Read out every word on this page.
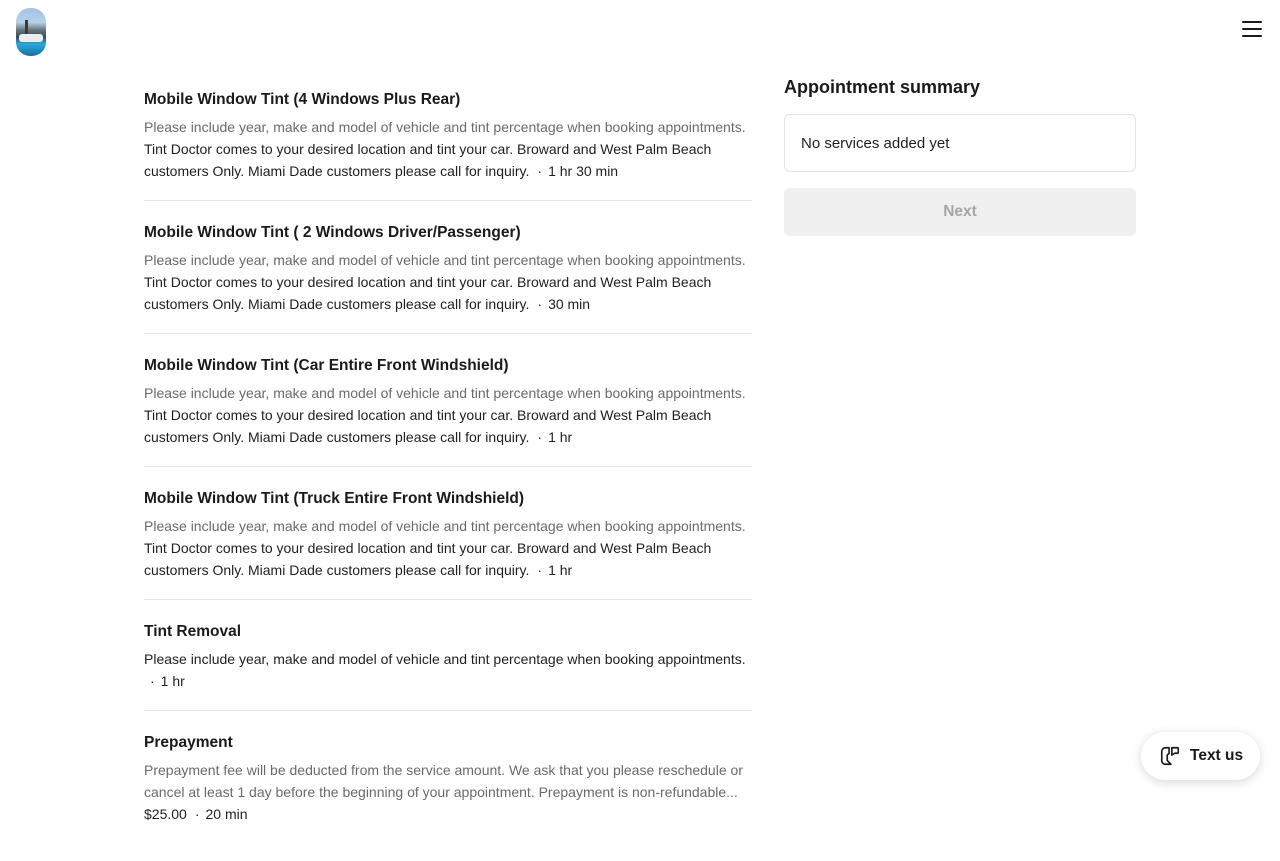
Mobile Window Tint (4 Windows Plus Rear)
Please include year, make and model of vehicle and tint percentage when booking appointments. Tint Doctor comes to your desired location and tint your car. Broward and West Palm Beach customers Only. Miami Dade customers please call for inquiry. · 1 hr 30 min
Mobile Window Tint ( 2 Windows Driver/Passenger)
Please include year, make and model of vehicle and tint percentage when booking appointments. Tint Doctor comes to your desired location and tint your car. Broward and West Palm Beach customers Only. Miami Dade customers please call for inquiry. · 30 min
Mobile Window Tint (Car Entire Front Windshield)
Please include year, make and model of vehicle and tint percentage when booking appointments. Tint Doctor comes to your desired location and tint your car. Broward and West Palm Beach customers Only. Miami Dade customers please call for inquiry. · 1 hr
Mobile Window Tint (Truck Entire Front Windshield)
Please include year, make and model of vehicle and tint percentage when booking appointments. Tint Doctor comes to your desired location and tint your car. Broward and West Palm Beach customers Only. Miami Dade customers please call for inquiry. · 1 hr
Tint Removal
Please include year, make and model of vehicle and tint percentage when booking appointments.
· 1 hr
Prepayment
Prepayment fee will be deducted from the service amount. We ask that you please reschedule or cancel at least 1 day before the beginning of your appointment. Prepayment is non-refundable...
$25.00 · 20 min
Appointment summary
No services added yet
Next
Text us
